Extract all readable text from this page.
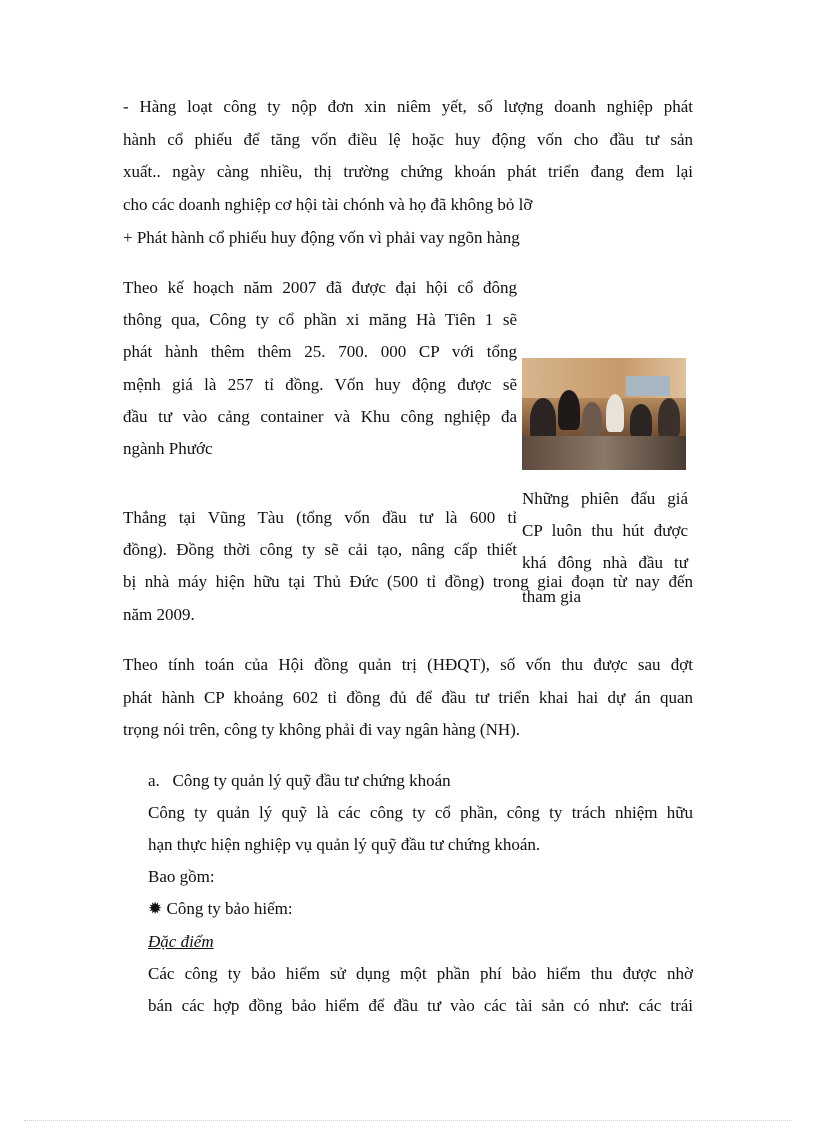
- Hàng loạt công ty nộp đơn xin niêm yết, số lượng doanh nghiệp phát
hành cổ phiếu để tăng vốn điều lệ hoặc huy động vốn cho đầu tư sản
xuất.. ngày càng nhiều, thị trường chứng khoán phát triển đang đem lại
cho các doanh nghiệp cơ hội tài chónh và họ đã không bỏ lỡ
+ Phát hành cổ phiếu huy động vốn vì phải vay ngõn hàng
Theo kế hoạch năm 2007 đã được đại hội cổ đông
thông qua, Công ty cổ phần xi măng Hà Tiên 1 sẽ
phát hành thêm thêm 25. 700. 000 CP với tổng
mệnh giá là 257 tỉ đồng. Vốn huy động được sẽ
đầu tư vào cảng container và Khu công nghiệp đa
ngành Phước
Những phiên đấu giá
CP luôn thu hút được
khá đông nhà đầu tư
tham gia
Thắng tại Vũng Tàu (tổng vốn đầu tư là 600 tỉ
đồng). Đồng thời công ty sẽ cải tạo, nâng cấp thiết
bị nhà máy hiện hữu tại Thủ Đức (500 tỉ đồng) trong giai đoạn từ nay đến
năm 2009.
Theo tính toán của Hội đồng quản trị (HĐQT), số vốn thu được sau đợt
phát hành CP khoảng 602 tỉ đồng đủ để đầu tư triển khai hai dự án quan
trọng nói trên, công ty không phải đi vay ngân hàng (NH).
a.   Công ty quản lý quỹ đầu tư chứng khoán
Công ty quản lý quỹ là các công ty cổ phần, công ty trách nhiệm hữu
hạn thực hiện nghiệp vụ quản lý quỹ đầu tư chứng khoán.
Bao gồm:
✹ Công ty bảo hiểm:
Đặc điểm
Các công ty bảo hiểm sử dụng một phần phí bảo hiểm thu được nhờ
bán các hợp đồng bảo hiểm để đầu tư vào các tài sản có như: các trái
